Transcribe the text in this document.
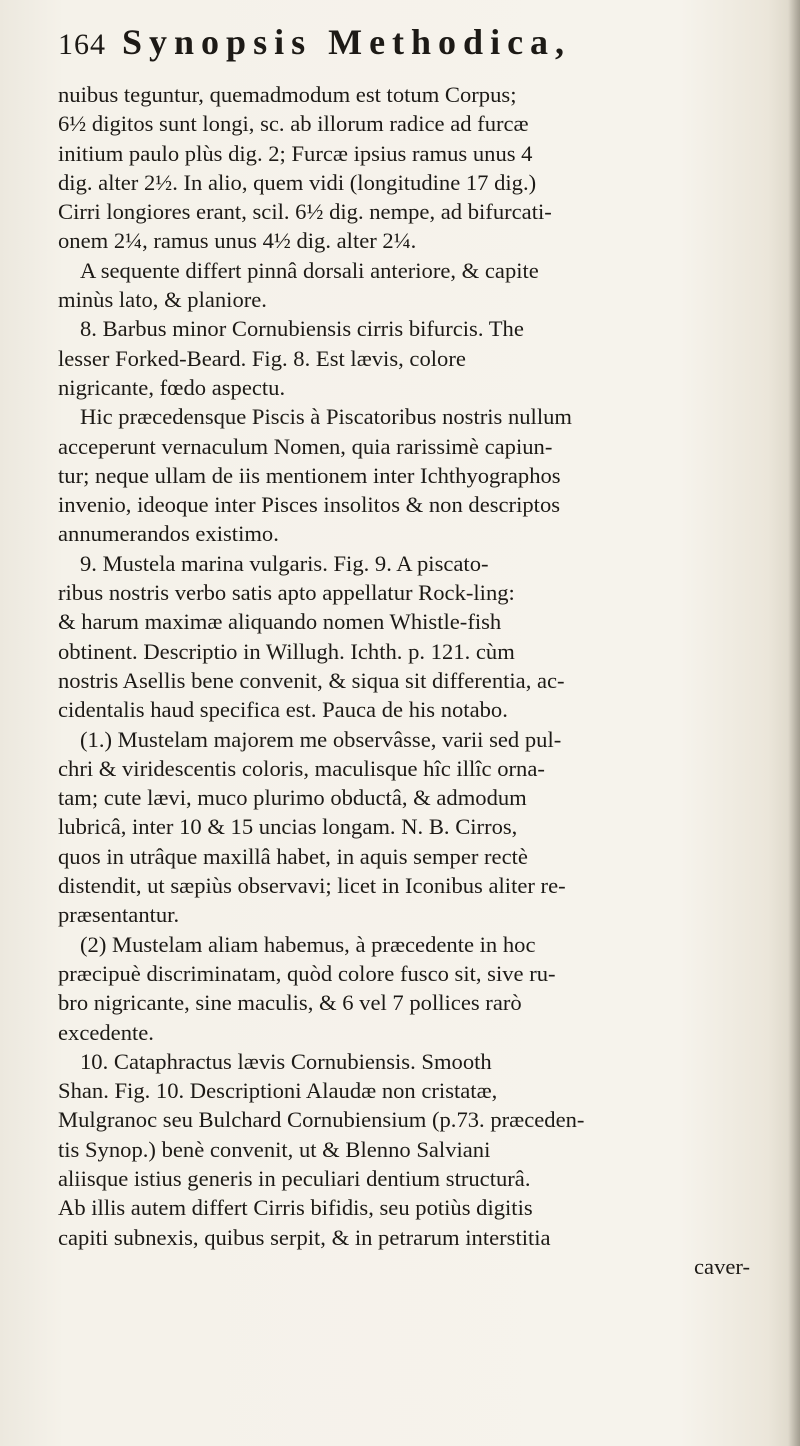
164 Synopsis Methodica,
nuibus teguntur, quemadmodum est totum Corpus;
6½ digitos sunt longi, sc. ab illorum radice ad furcæ
initium paulo plùs dig. 2; Furcæ ipsius ramus unus 4
dig. alter 2½. In alio, quem vidi (longitudine 17 dig.)
Cirri longiores erant, scil. 6½ dig. nempe, ad bifurcati-
onem 2¼, ramus unus 4½ dig. alter 2¼.
A sequente differt pinnâ dorsali anteriore, & capite
minùs lato, & planiore.
8. Barbus minor Cornubiensis cirris bifurcis. The
lesser Forked-Beard. Fig. 8. Est lævis, colore
nigricante, fœdo aspectu.
Hic præcedensque Piscis à Piscatoribus nostris nullum
acceperunt vernaculum Nomen, quia rarissimè capiun-
tur; neque ullam de iis mentionem inter Ichthyographos
invenio, ideoque inter Pisces insolitos & non descriptos
annumerandos existimo.
9. Mustela marina vulgaris. Fig. 9. A piscato-
ribus nostris verbo satis apto appellatur Rock-ling:
& harum maximæ aliquando nomen Whistle-fish
obtinent. Descriptio in Willugh. Ichth. p. 121. cùm
nostris Asellis bene convenit, & siqua sit differentia, ac-
cidentalis haud specifica est. Pauca de his notabo.
(1.) Mustelam majorem me observâsse, varii sed pul-
chri & viridescentis coloris, maculisque hîc illîc orna-
tam; cute lævi, muco plurimo obductâ, & admodum
lubricâ, inter 10 & 15 uncias longam. N. B. Cirros,
quos in utrâque maxillâ habet, in aquis semper rectè
distendit, ut sæpiùs observavi; licet in Iconibus aliter re-
præsentantur.
(2) Mustelam aliam habemus, à præcedente in hoc
præcipuè discriminatam, quòd colore fusco sit, sive ru-
bro nigricante, sine maculis, & 6 vel 7 pollices rarò
excedente.
10. Cataphractus lævis Cornubiensis. Smooth
Shan. Fig. 10. Descriptioni Alaudæ non cristatæ,
Mulgranoc seu Bulchard Cornubiensium (p.73. præceden-
tis Synop.) benè convenit, ut & Blenno Salviani
aliisque istius generis in peculiari dentium structurâ.
Ab illis autem differt Cirris bifidis, seu potiùs digitis
capiti subnexis, quibus serpit, & in petrarum interstitia
caver-
